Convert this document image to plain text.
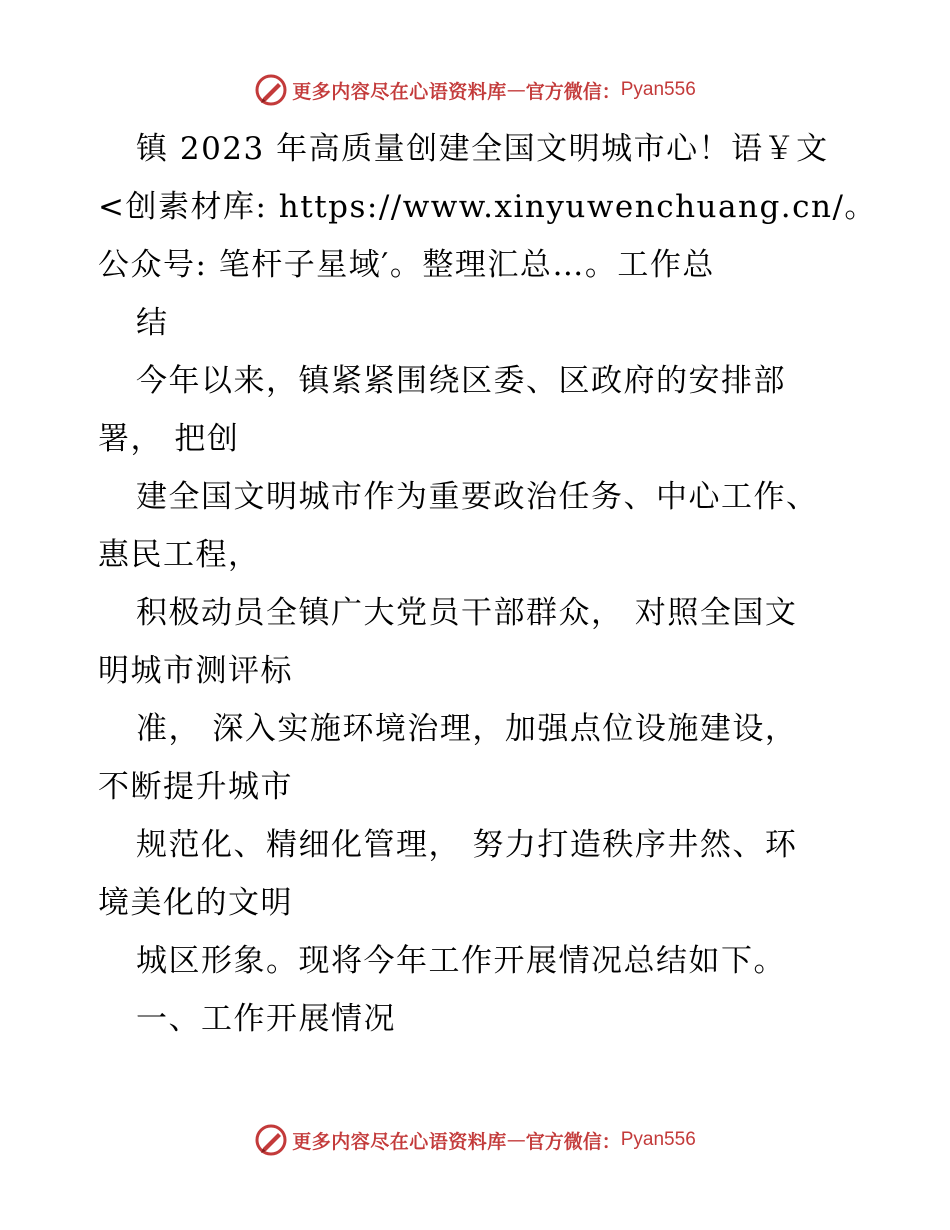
更多内容尽在心语资料库 — 官方微信： Pyan556
镇 2023 年高质量创建全国文明城市心！语￥文
<创素材库: https://www.xinyuwenchuang.cn/。
公众号: 笔杆子星域′。整理汇总…。工作总
结
今年以来，镇紧紧围绕区委、区政府的安排部
署， 把创
建全国文明城市作为重要政治任务、中心工作、
惠民工程，
积极动员全镇广大党员干部群众， 对照全国文
明城市测评标
准， 深入实施环境治理，加强点位设施建设，
不断提升城市
规范化、精细化管理， 努力打造秩序井然、环
境美化的文明
城区形象。现将今年工作开展情况总结如下。
一、工作开展情况
更多内容尽在心语资料库 — 官方微信： Pyan556
